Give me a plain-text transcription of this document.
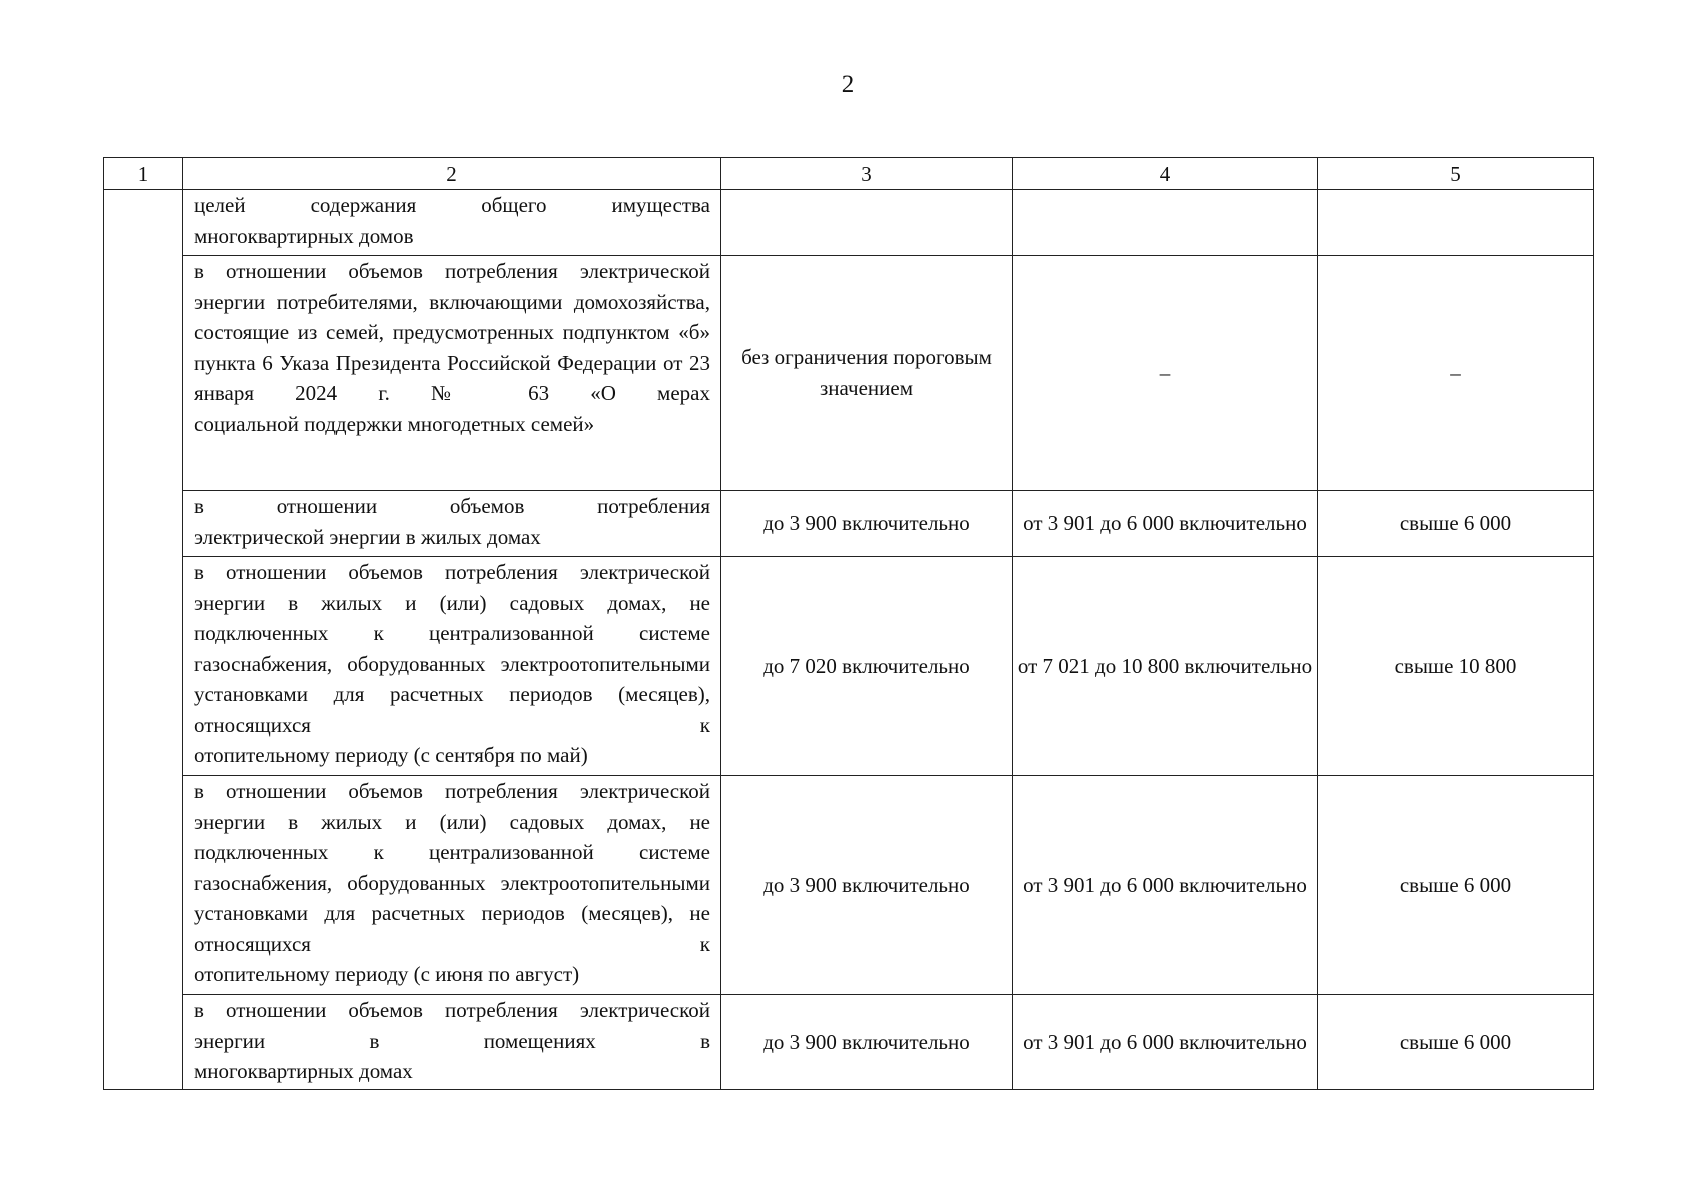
2
1	2	3	4	5

	целей содержания общего имущества
многоквартирных домов			

	в отношении объемов потребления электрической энергии потребителями, включающими домохозяйства, состоящие из семей, предусмотренных подпунктом «б» пункта 6 Указа Президента Российской Федерации от 23 января 2024 г. № 63 «О мерах
социальной поддержки многодетных семей»	без ограничения пороговым значением	–	–

	в отношении объемов потребления
электрической энергии в жилых домах	до 3 900 включительно	от 3 901 до 6 000 включительно	свыше 6 000

	в отношении объемов потребления электрической энергии в жилых и (или) садовых домах, не подключенных к централизованной системе газоснабжения, оборудованных электроотопительными установками для расчетных периодов (месяцев), относящихся к
отопительному периоду (с сентября по май)	до 7 020 включительно	от 7 021 до 10 800 включительно	свыше 10 800

	в отношении объемов потребления электрической энергии в жилых и (или) садовых домах, не подключенных к централизованной системе газоснабжения, оборудованных электроотопительными установками для расчетных периодов (месяцев), не относящихся к
отопительному периоду (с июня по август)	до 3 900 включительно	от 3 901 до 6 000 включительно	свыше 6 000

	в отношении объемов потребления электрической энергии в помещениях в
многоквартирных домах	до 3 900 включительно	от 3 901 до 6 000 включительно	свыше 6 000
